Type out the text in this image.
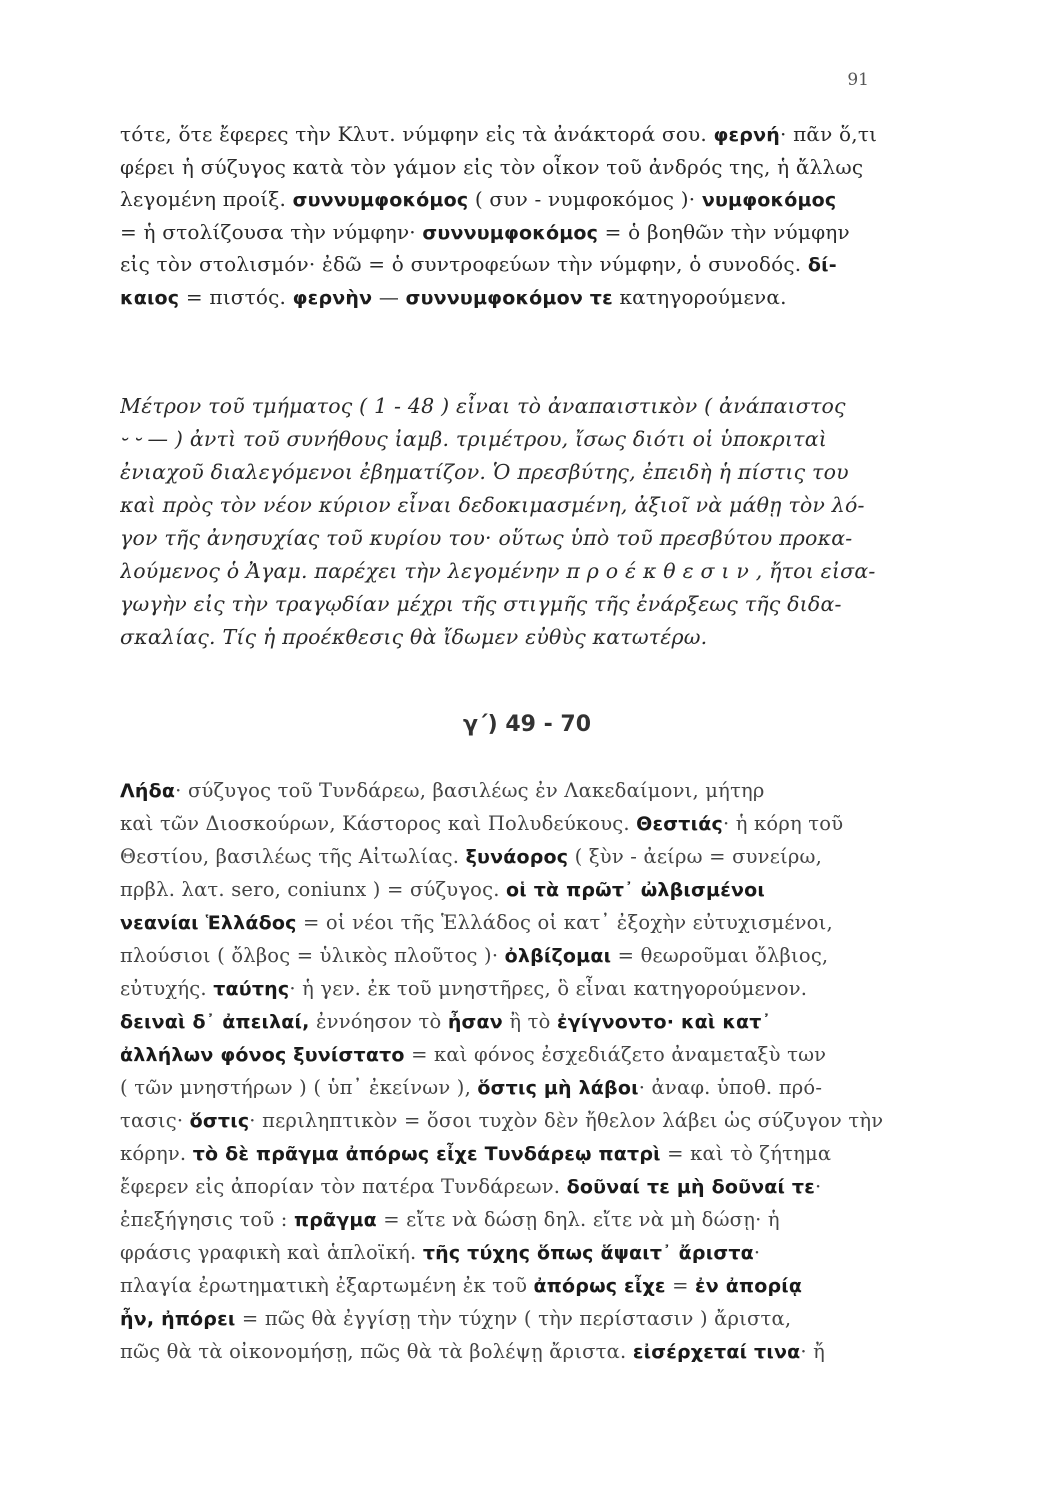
91
τότε, ὅτε ἔφερες τὴν Κλυτ. νύμφην εἰς τὰ ἀνάκτορά σου. φερνή· πᾶν ὅ,τι
φέρει ἡ σύζυγος κατὰ τὸν γάμον εἰς τὸν οἶκον τοῦ ἀνδρός της, ἡ ἄλλως
λεγομένη προίξ. συννυμφοκόμος ( συν - νυμφοκόμος )· νυμφοκόμος
= ἡ στολίζουσα τὴν νύμφην· συννυμφοκόμος = ὁ βοηθῶν τὴν νύμφην
εἰς τὸν στολισμόν· ἐδῶ = ὁ συντροφεύων τὴν νύμφην, ὁ συνοδός. δί-
καιος = πιστός. φερνὴν — συννυμφοκόμον τε κατηγορούμενα.
Μέτρον τοῦ τμήματος ( 1 - 48 ) εἶναι τὸ ἀναπαιστικὸν ( ἀνάπαιστος
⏑ ⏑ — ) ἀντὶ τοῦ συνήθους ἰαμβ. τριμέτρου, ἴσως διότι οἱ ὑποκριταὶ
ἐνιαχοῦ διαλεγόμενοι ἐβηματίζον. Ὁ πρεσβύτης, ἐπειδὴ ἡ πίστις του
καὶ πρὸς τὸν νέον κύριον εἶναι δεδοκιμασμένη, ἀξιοῖ νὰ μάθῃ τὸν λό-
γον τῆς ἀνησυχίας τοῦ κυρίου του· οὕτως ὑπὸ τοῦ πρεσβύτου προκα-
λούμενος ὁ Ἀγαμ. παρέχει τὴν λεγομένην π ρ ο έ κ θ ε σ ι ν , ἤτοι εἰσα-
γωγὴν εἰς τὴν τραγῳδίαν μέχρι τῆς στιγμῆς τῆς ἐνάρξεως τῆς διδα-
σκαλίας. Τίς ἡ προέκθεσις θὰ ἴδωμεν εὐθὺς κατωτέρω.
γ΄) 49 - 70
Λήδα· σύζυγος τοῦ Τυνδάρεω, βασιλέως ἐν Λακεδαίμονι, μήτηρ
καὶ τῶν Διοσκούρων, Κάστορος καὶ Πολυδεύκους. Θεστιάς· ἡ κόρη τοῦ
Θεστίου, βασιλέως τῆς Αἰτωλίας. ξυνάορος ( ξὺν - ἀείρω = συνείρω,
πρβλ. λατ. sero, coniunx ) = σύζυγος. οἱ τὰ πρῶτ᾽ ὠλβισμένοι
νεανίαι Ἑλλάδος = οἱ νέοι τῆς Ἑλλάδος οἱ κατ᾽ ἐξοχὴν εὐτυχισμένοι,
πλούσιοι ( ὄλβος = ὑλικὸς πλοῦτος )· ὀλβίζομαι = θεωροῦμαι ὄλβιος,
εὐτυχής. ταύτης· ἡ γεν. ἐκ τοῦ μνηστῆρες, ὃ εἶναι κατηγορούμενον.
δειναὶ δ᾽ ἀπειλαί, ἐννόησον τὸ ἦσαν ἢ τὸ ἐγίγνοντο· καὶ κατ᾽
ἀλλήλων φόνος ξυνίστατο = καὶ φόνος ἐσχεδιάζετο ἀναμεταξὺ των
( τῶν μνηστήρων ) ( ὑπ᾽ ἐκείνων ), ὅστις μὴ λάβοι· ἀναφ. ὑποθ. πρό-
τασις· ὅστις· περιληπτικὸν = ὅσοι τυχὸν δὲν ἤθελον λάβει ὡς σύζυγον τὴν
κόρην. τὸ δὲ πρᾶγμα ἀπόρως εἶχε Τυνδάρεῳ πατρὶ = καὶ τὸ ζήτημα
ἔφερεν εἰς ἀπορίαν τὸν πατέρα Τυνδάρεων. δοῦναί τε μὴ δοῦναί τε·
ἐπεξήγησις τοῦ : πρᾶγμα = εἴτε νὰ δώσῃ δηλ. εἴτε νὰ μὴ δώσῃ· ἡ
φράσις γραφικὴ καὶ ἁπλοϊκή. τῆς τύχης ὅπως ἅψαιτ᾽ ἄριστα·
πλαγία ἐρωτηματικὴ ἐξαρτωμένη ἐκ τοῦ ἀπόρως εἶχε = ἐν ἀπορίᾳ
ἦν, ἠπόρει = πῶς θὰ ἐγγίσῃ τὴν τύχην ( τὴν περίστασιν ) ἄριστα,
πῶς θὰ τὰ οἰκονομήσῃ, πῶς θὰ τὰ βολέψῃ ἄριστα. εἰσέρχεταί τινα· ἤ
